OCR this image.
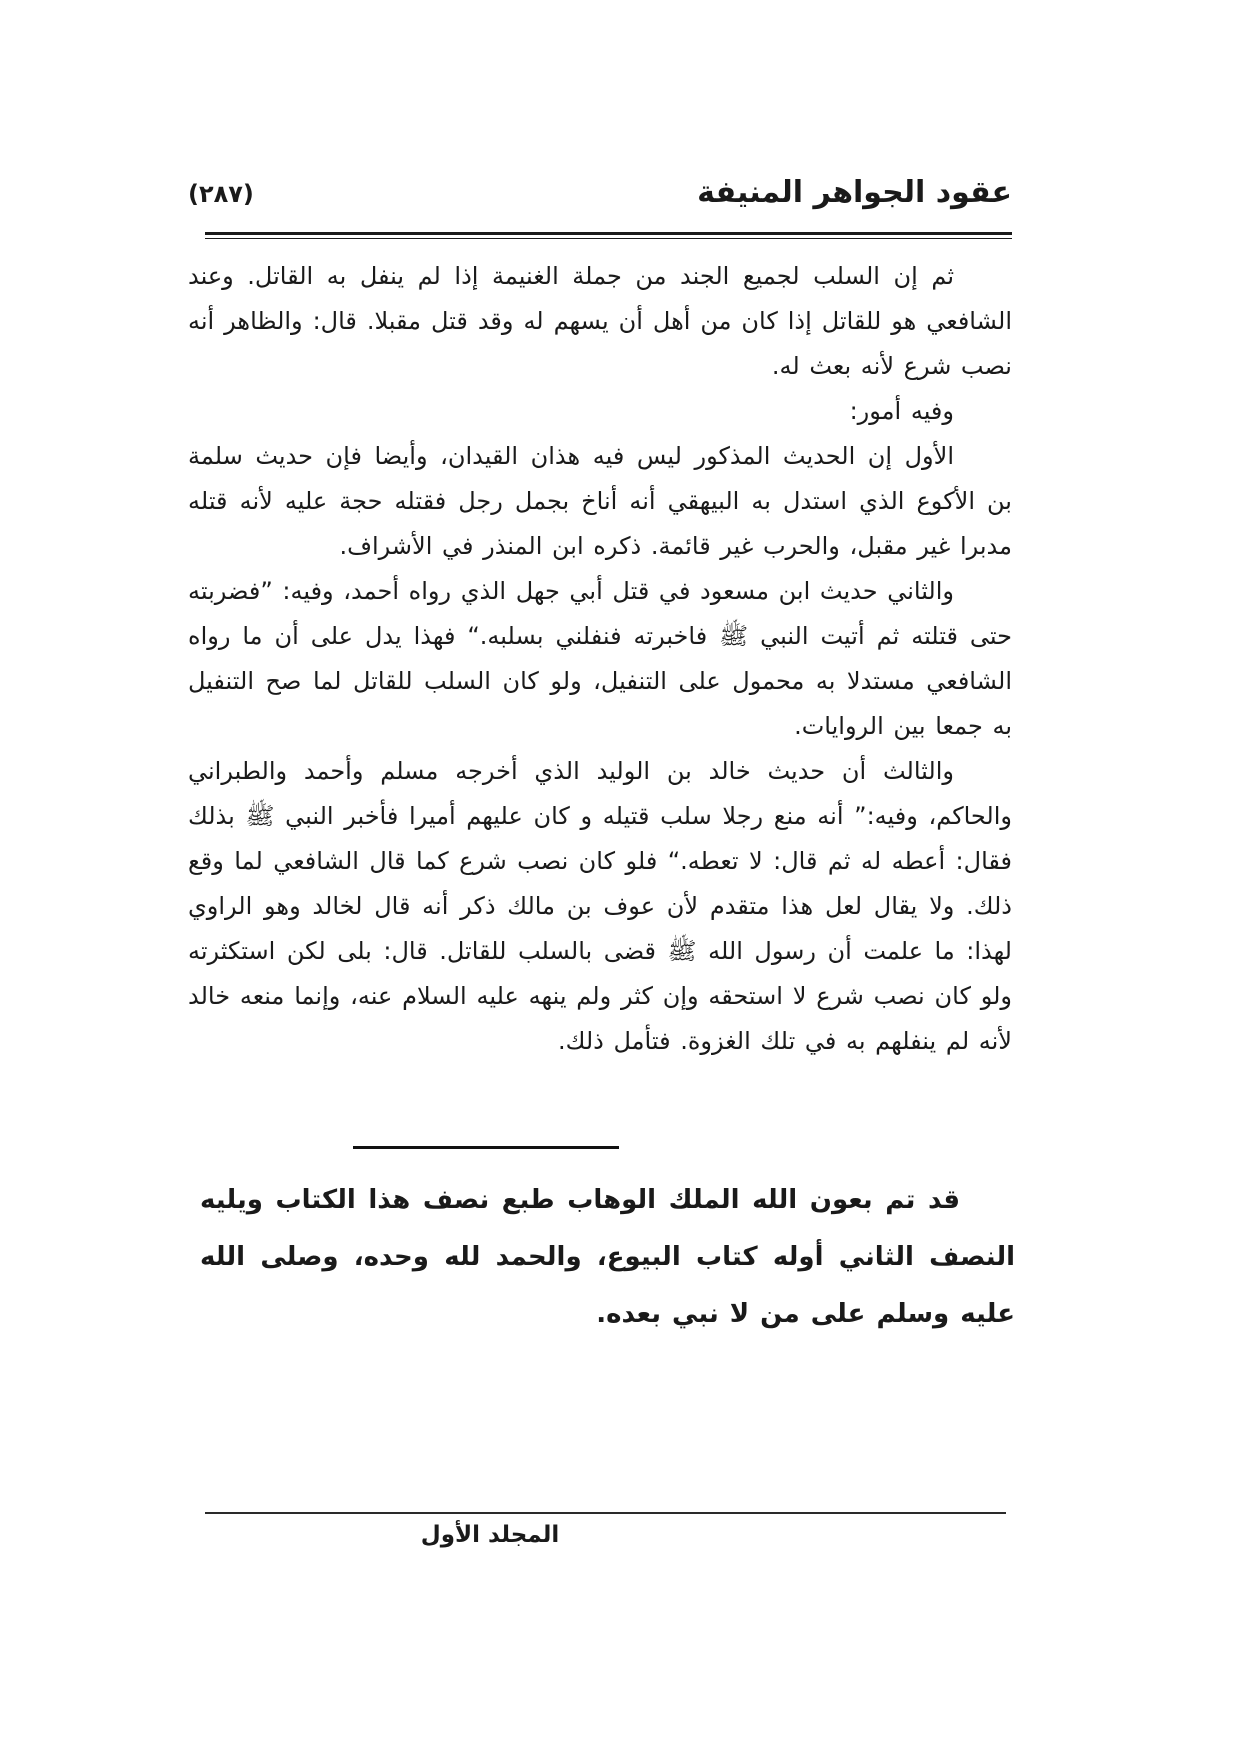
(٢٨٧)	عقود الجواهر المنيفة

ثم إن السلب لجميع الجند من جملة الغنيمة إذا لم ينفل به القاتل. وعند الشافعي هو للقاتل إذا كان من أهل أن يسهم له وقد قتل مقبلا. قال: والظاهر أنه نصب شرع لأنه بعث له.

وفيه أمور:

الأول إن الحديث المذكور ليس فيه هذان القيدان، وأيضا فإن حديث سلمة بن الأكوع الذي استدل به البيهقي أنه أناخ بجمل رجل فقتله حجة عليه لأنه قتله مدبرا غير مقبل، والحرب غير قائمة. ذكره ابن المنذر في الأشراف.

والثاني حديث ابن مسعود في قتل أبي جهل الذي رواه أحمد، وفيه: ”فضربته حتى قتلته ثم أتيت النبي ﷺ فاخبرته فنفلني بسلبه.“ فهذا يدل على أن ما رواه الشافعي مستدلا به محمول على التنفيل، ولو كان السلب للقاتل لما صح التنفيل به جمعا بين الروايات.

والثالث أن حديث خالد بن الوليد الذي أخرجه مسلم وأحمد والطبراني والحاكم، وفيه:” أنه منع رجلا سلب قتيله و كان عليهم أميرا فأخبر النبي ﷺ بذلك فقال: أعطه له ثم قال: لا تعطه.“ فلو كان نصب شرع كما قال الشافعي لما وقع ذلك. ولا يقال لعل هذا متقدم لأن عوف بن مالك ذكر أنه قال لخالد وهو الراوي لهذا: ما علمت أن رسول الله ﷺ قضى بالسلب للقاتل. قال: بلى لكن استكثرته ولو كان نصب شرع لا استحقه وإن كثر ولم ينهه عليه السلام عنه، وإنما منعه خالد لأنه لم ينفلهم به في تلك الغزوة. فتأمل ذلك.

قد تم بعون الله الملك الوهاب طبع نصف هذا الكتاب ويليه النصف الثاني أوله كتاب البيوع، والحمد لله وحده، وصلى الله عليه وسلم على من لا نبي بعده.

المجلد الأول
